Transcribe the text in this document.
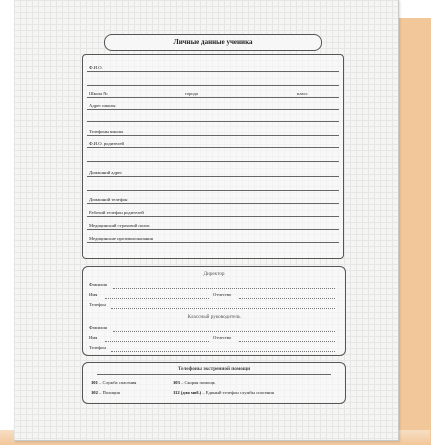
Личные данные ученика
Ф.И.О.
Школа №	города	класс
Адрес школы
Телефоны школы
Ф.И.О. родителей
Домашний адрес
Домашний телефон
Рабочий телефон родителей
Медицинский страховой полис
Медицинские противопоказания
Директор
Фамилия
Имя	Отчество
Телефон
Классный руководитель
Фамилия
Имя	Отчество
Телефон
Телефоны экстренной помощи
101 – Служба спасения	103 – Скорая помощь
102 – Полиция	112 (для моб.) – Единый телефон службы спасения
